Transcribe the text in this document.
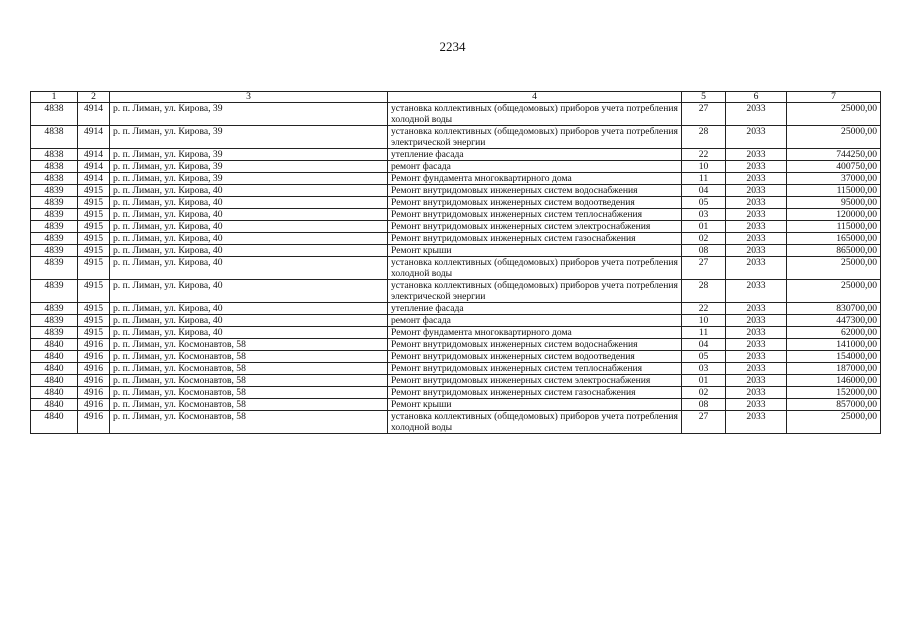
2234
1	2	3	4	5	6	7
4838	4914	р. п. Лиман, ул. Кирова, 39	установка коллективных (общедомовых) приборов учета потребления холодной воды	27	2033	25000,00
4838	4914	р. п. Лиман, ул. Кирова, 39	установка коллективных (общедомовых) приборов учета потребления электрической энергии	28	2033	25000,00
4838	4914	р. п. Лиман, ул. Кирова, 39	утепление фасада	22	2033	744250,00
4838	4914	р. п. Лиман, ул. Кирова, 39	ремонт фасада	10	2033	400750,00
4838	4914	р. п. Лиман, ул. Кирова, 39	Ремонт фундамента многоквартирного дома	11	2033	37000,00
4839	4915	р. п. Лиман, ул. Кирова, 40	Ремонт внутридомовых инженерных систем водоснабжения	04	2033	115000,00
4839	4915	р. п. Лиман, ул. Кирова, 40	Ремонт внутридомовых инженерных систем водоотведения	05	2033	95000,00
4839	4915	р. п. Лиман, ул. Кирова, 40	Ремонт внутридомовых инженерных систем теплоснабжения	03	2033	120000,00
4839	4915	р. п. Лиман, ул. Кирова, 40	Ремонт внутридомовых инженерных систем электроснабжения	01	2033	115000,00
4839	4915	р. п. Лиман, ул. Кирова, 40	Ремонт внутридомовых инженерных систем газоснабжения	02	2033	165000,00
4839	4915	р. п. Лиман, ул. Кирова, 40	Ремонт крыши	08	2033	865000,00
4839	4915	р. п. Лиман, ул. Кирова, 40	установка коллективных (общедомовых) приборов учета потребления холодной воды	27	2033	25000,00
4839	4915	р. п. Лиман, ул. Кирова, 40	установка коллективных (общедомовых) приборов учета потребления электрической энергии	28	2033	25000,00
4839	4915	р. п. Лиман, ул. Кирова, 40	утепление фасада	22	2033	830700,00
4839	4915	р. п. Лиман, ул. Кирова, 40	ремонт фасада	10	2033	447300,00
4839	4915	р. п. Лиман, ул. Кирова, 40	Ремонт фундамента многоквартирного дома	11	2033	62000,00
4840	4916	р. п. Лиман, ул. Космонавтов, 58	Ремонт внутридомовых инженерных систем водоснабжения	04	2033	141000,00
4840	4916	р. п. Лиман, ул. Космонавтов, 58	Ремонт внутридомовых инженерных систем водоотведения	05	2033	154000,00
4840	4916	р. п. Лиман, ул. Космонавтов, 58	Ремонт внутридомовых инженерных систем теплоснабжения	03	2033	187000,00
4840	4916	р. п. Лиман, ул. Космонавтов, 58	Ремонт внутридомовых инженерных систем электроснабжения	01	2033	146000,00
4840	4916	р. п. Лиман, ул. Космонавтов, 58	Ремонт внутридомовых инженерных систем газоснабжения	02	2033	152000,00
4840	4916	р. п. Лиман, ул. Космонавтов, 58	Ремонт крыши	08	2033	857000,00
4840	4916	р. п. Лиман, ул. Космонавтов, 58	установка коллективных (общедомовых) приборов учета потребления холодной воды	27	2033	25000,00
